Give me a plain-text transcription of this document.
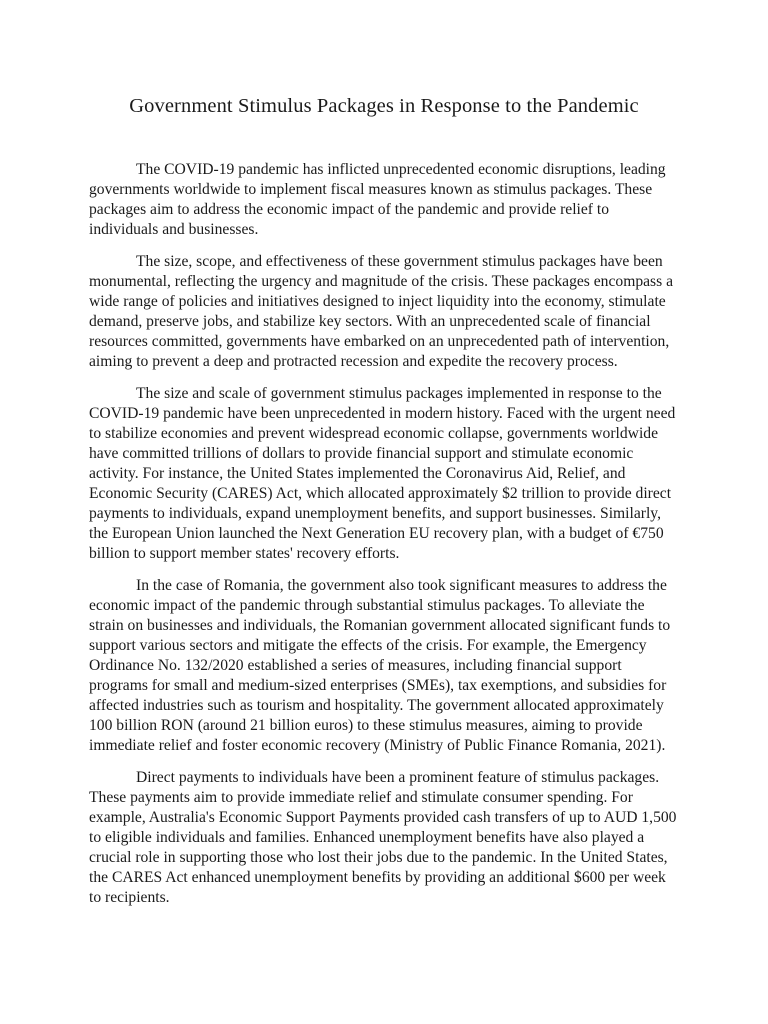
Government Stimulus Packages in Response to the Pandemic

The COVID-19 pandemic has inflicted unprecedented economic disruptions, leading governments worldwide to implement fiscal measures known as stimulus packages. These packages aim to address the economic impact of the pandemic and provide relief to individuals and businesses.

The size, scope, and effectiveness of these government stimulus packages have been monumental, reflecting the urgency and magnitude of the crisis. These packages encompass a wide range of policies and initiatives designed to inject liquidity into the economy, stimulate demand, preserve jobs, and stabilize key sectors. With an unprecedented scale of financial resources committed, governments have embarked on an unprecedented path of intervention, aiming to prevent a deep and protracted recession and expedite the recovery process.

The size and scale of government stimulus packages implemented in response to the COVID-19 pandemic have been unprecedented in modern history. Faced with the urgent need to stabilize economies and prevent widespread economic collapse, governments worldwide have committed trillions of dollars to provide financial support and stimulate economic activity. For instance, the United States implemented the Coronavirus Aid, Relief, and Economic Security (CARES) Act, which allocated approximately $2 trillion to provide direct payments to individuals, expand unemployment benefits, and support businesses. Similarly, the European Union launched the Next Generation EU recovery plan, with a budget of €750 billion to support member states' recovery efforts.

In the case of Romania, the government also took significant measures to address the economic impact of the pandemic through substantial stimulus packages. To alleviate the strain on businesses and individuals, the Romanian government allocated significant funds to support various sectors and mitigate the effects of the crisis. For example, the Emergency Ordinance No. 132/2020 established a series of measures, including financial support programs for small and medium-sized enterprises (SMEs), tax exemptions, and subsidies for affected industries such as tourism and hospitality. The government allocated approximately 100 billion RON (around 21 billion euros) to these stimulus measures, aiming to provide immediate relief and foster economic recovery (Ministry of Public Finance Romania, 2021).

Direct payments to individuals have been a prominent feature of stimulus packages. These payments aim to provide immediate relief and stimulate consumer spending. For example, Australia's Economic Support Payments provided cash transfers of up to AUD 1,500 to eligible individuals and families. Enhanced unemployment benefits have also played a crucial role in supporting those who lost their jobs due to the pandemic. In the United States, the CARES Act enhanced unemployment benefits by providing an additional $600 per week to recipients.
